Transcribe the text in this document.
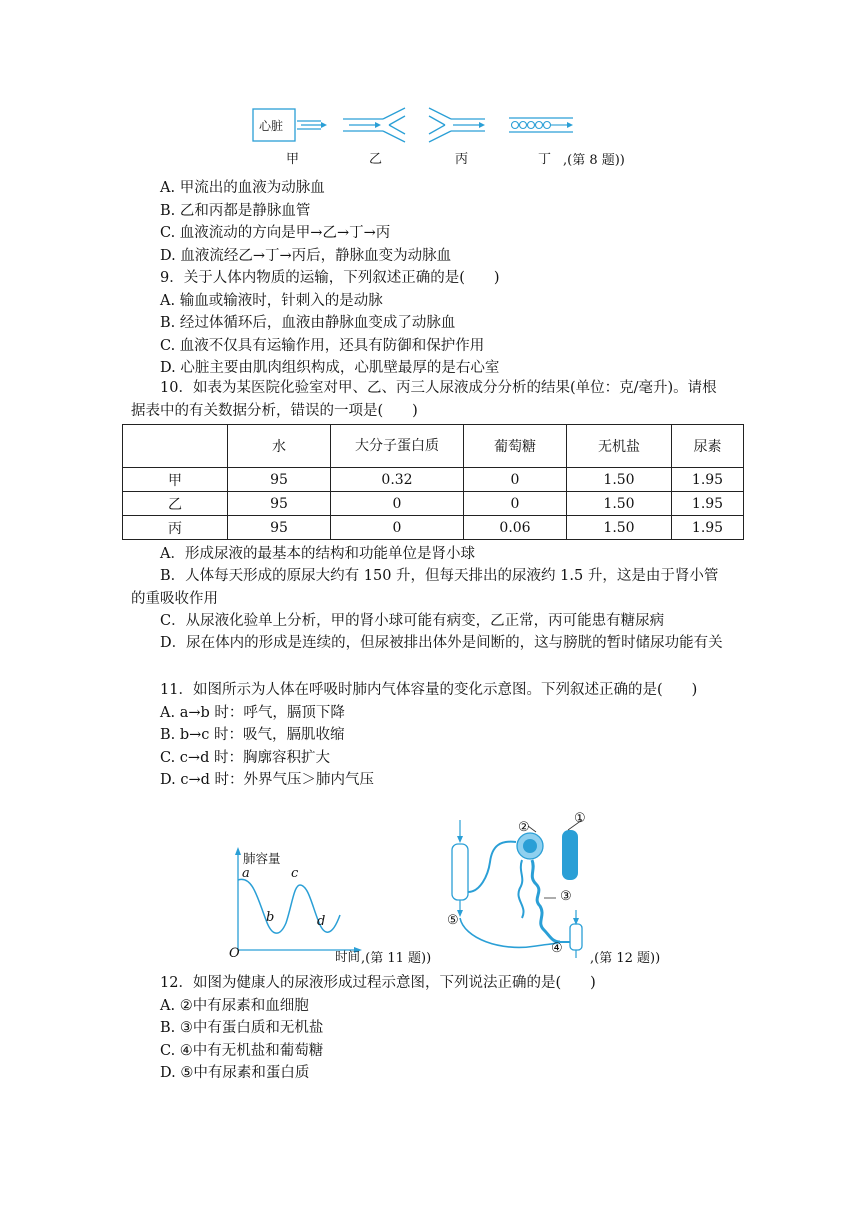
心脏
甲	乙	丙	丁 ,(第 8 题))
A. 甲流出的血液为动脉血
B. 乙和丙都是静脉血管
C. 血液流动的方向是甲→乙→丁→丙
D. 血液流经乙→丁→丙后，静脉血变为动脉血
9．关于人体内物质的运输，下列叙述正确的是(　　)
A. 输血或输液时，针刺入的是动脉
B. 经过体循环后，血液由静脉血变成了动脉血
C. 血液不仅具有运输作用，还具有防御和保护作用
D. 心脏主要由肌肉组织构成，心肌壁最厚的是右心室
10．如表为某医院化验室对甲、乙、丙三人尿液成分分析的结果(单位：克/毫升)。请根据表中的有关数据分析，错误的一项是(　　)
	水	大分子蛋白质	葡萄糖	无机盐	尿素
甲	95	0.32	0	1.50	1.95
乙	95	0	0	1.50	1.95
丙	95	0	0.06	1.50	1.95
A．形成尿液的最基本的结构和功能单位是肾小球
B．人体每天形成的原尿大约有 150 升，但每天排出的尿液约 1.5 升，这是由于肾小管的重吸收作用
C．从尿液化验单上分析，甲的肾小球可能有病变，乙正常，丙可能患有糖尿病
D．尿在体内的形成是连续的，但尿被排出体外是间断的，这与膀胱的暂时储尿功能有关
11．如图所示为人体在呼吸时肺内气体容量的变化示意图。下列叙述正确的是(　　)
A. a→b 时：呼气，膈顶下降
B. b→c 时：吸气，膈肌收缩
C. c→d 时：胸廓容积扩大
D. c→d 时：外界气压＞肺内气压
肺容量
a
b
c
d
O	时间 ,(第 11 题))
①
②
③
④
⑤
,(第 12 题))
12．如图为健康人的尿液形成过程示意图，下列说法正确的是(　　)
A. ②中有尿素和血细胞
B. ③中有蛋白质和无机盐
C. ④中有无机盐和葡萄糖
D. ⑤中有尿素和蛋白质
